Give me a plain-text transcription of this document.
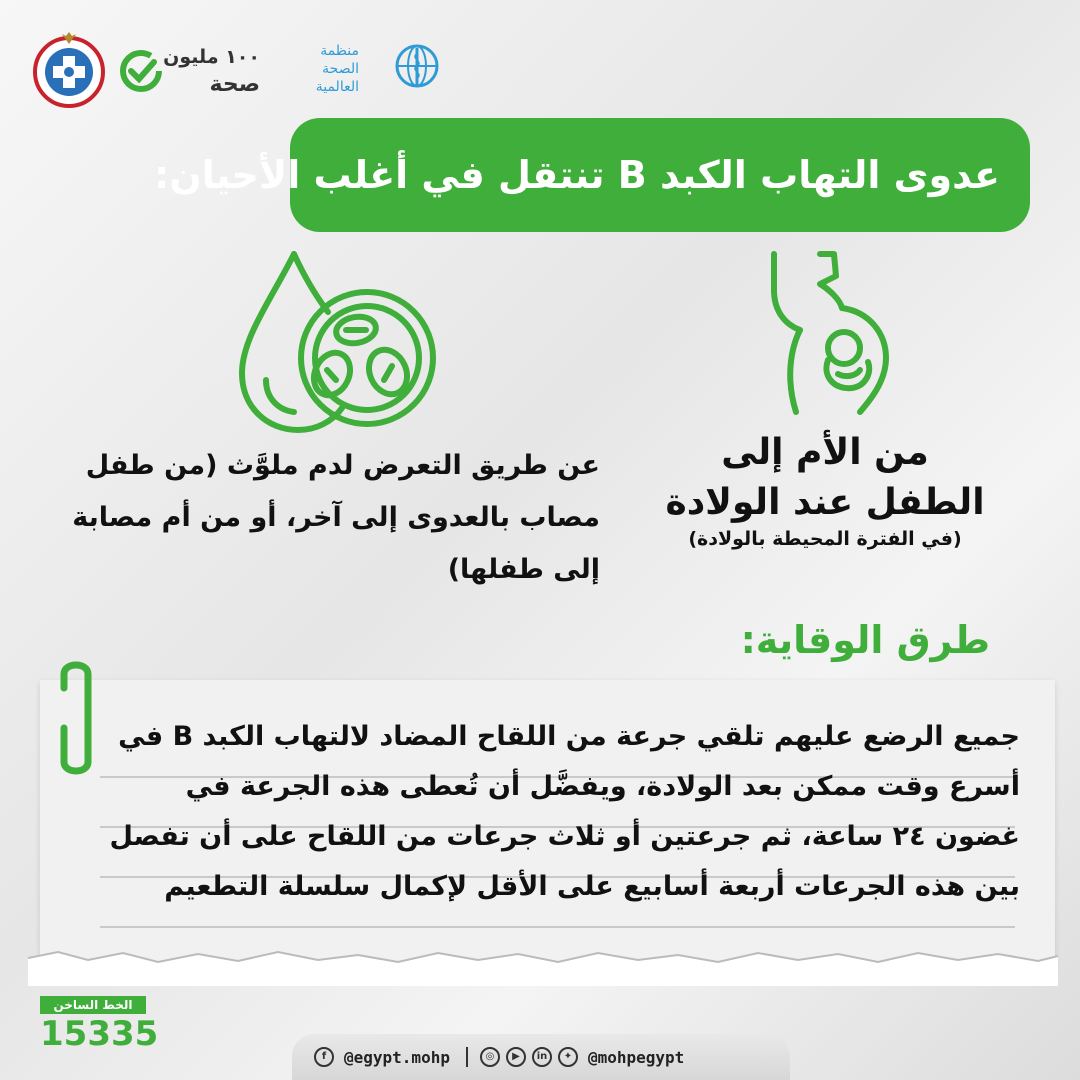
١٠٠ مليون
صحة
منظمة
الصحة العالمية
عدوى التهاب الكبد B تنتقل في أغلب الأحيان:
عن طريق التعرض لدم ملوَّث (من طفل مصاب بالعدوى إلى آخر، أو من أم مصابة إلى طفلها)
من الأم إلى الطفل عند الولادة
(في الفترة المحيطة بالولادة)
طرق الوقاية:
جميع الرضع عليهم تلقي جرعة من اللقاح المضاد لالتهاب الكبد B في أسرع وقت ممكن بعد الولادة، ويفضَّل أن تُعطى هذه الجرعة في غضون ٢٤ ساعة، ثم جرعتين أو ثلاث جرعات من اللقاح على أن تفصل بين هذه الجرعات أربعة أسابيع على الأقل لإكمال سلسلة التطعيم
الخط الساخن
15335
f	@egypt.mohp	◎	▶	in	✦ @mohpegypt
